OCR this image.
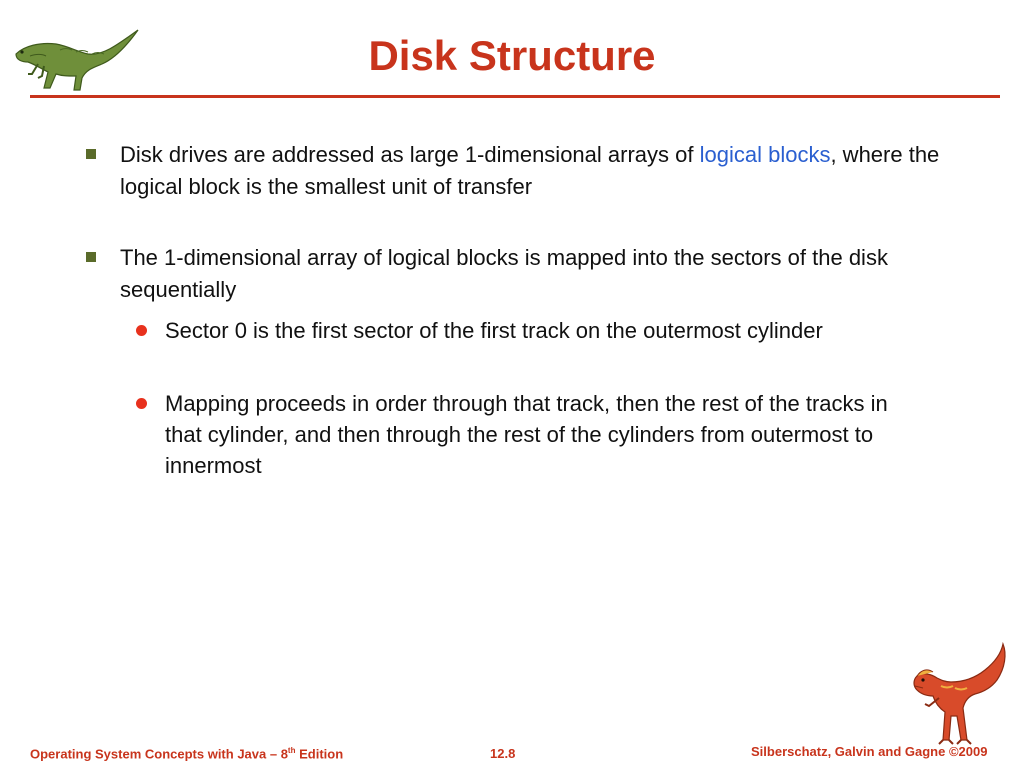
Disk Structure
Disk drives are addressed as large 1-dimensional arrays of logical blocks, where the logical block is the smallest unit of transfer
The 1-dimensional array of logical blocks is mapped into the sectors of the disk sequentially
Sector 0 is the first sector of the first track on the outermost cylinder
Mapping proceeds in order through that track, then the rest of the tracks in that cylinder, and then through the rest of the cylinders from outermost to innermost
Operating System Concepts with Java – 8th Edition	12.8	Silberschatz, Galvin and Gagne ©2009
